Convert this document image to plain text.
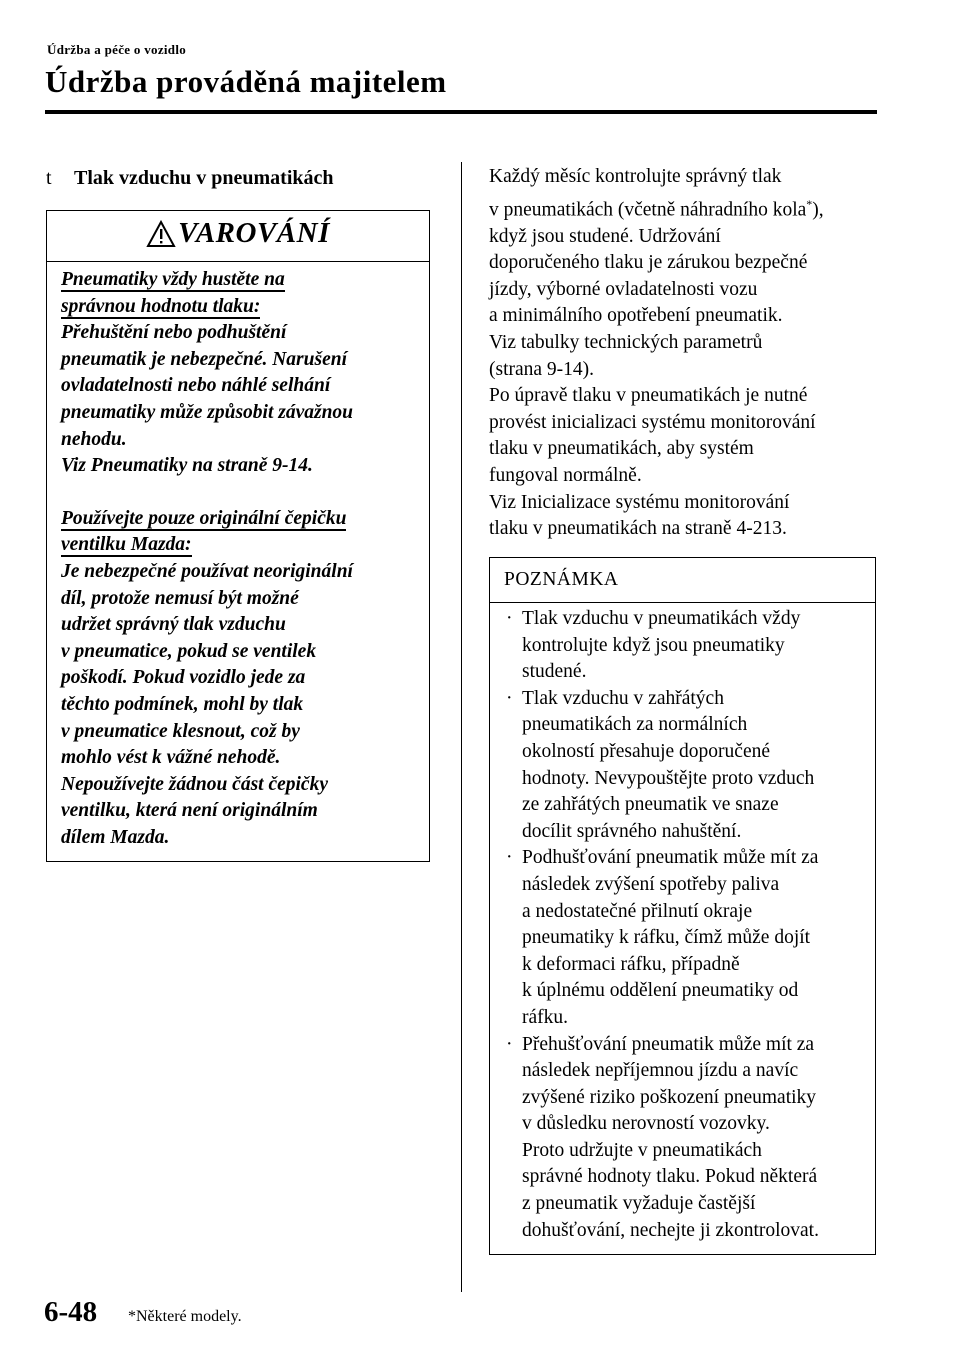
Údržba a péče o vozidlo
Údržba prováděná majitelem
t Tlak vzduchu v pneumatikách
VAROVÁNÍ
Pneumatiky vždy hustěte na
správnou hodnotu tlaku:
Přehuštění nebo podhuštění
pneumatik je nebezpečné. Narušení
ovladatelnosti nebo náhlé selhání
pneumatiky může způsobit závažnou
nehodu.
Viz Pneumatiky na straně 9-14.
Používejte pouze originální čepičku
ventilku Mazda:
Je nebezpečné používat neoriginální
díl, protože nemusí být možné
udržet správný tlak vzduchu
v pneumatice, pokud se ventilek
poškodí. Pokud vozidlo jede za
těchto podmínek, mohl by tlak
v pneumatice klesnout, což by
mohlo vést k vážné nehodě.
Nepoužívejte žádnou část čepičky
ventilku, která není originálním
dílem Mazda.
Každý měsíc kontrolujte správný tlak
v pneumatikách (včetně náhradního kola*),
když jsou studené. Udržování
doporučeného tlaku je zárukou bezpečné
jízdy, výborné ovladatelnosti vozu
a minimálního opotřebení pneumatik.
Viz tabulky technických parametrů
(strana 9-14).
Po úpravě tlaku v pneumatikách je nutné
provést inicializaci systému monitorování
tlaku v pneumatikách, aby systém
fungoval normálně.
Viz Inicializace systému monitorování
tlaku v pneumatikách na straně 4-213.
POZNÁMKA
· Tlak vzduchu v pneumatikách vždy
kontrolujte když jsou pneumatiky
studené.
· Tlak vzduchu v zahřátých
pneumatikách za normálních
okolností přesahuje doporučené
hodnoty. Nevypouštějte proto vzduch
ze zahřátých pneumatik ve snaze
docílit správného nahuštění.
· Podhušťování pneumatik může mít za
následek zvýšení spotřeby paliva
a nedostatečné přilnutí okraje
pneumatiky k ráfku, čímž může dojít
k deformaci ráfku, případně
k úplnému oddělení pneumatiky od
ráfku.
· Přehušťování pneumatik může mít za
následek nepříjemnou jízdu a navíc
zvýšené riziko poškození pneumatiky
v důsledku nerovností vozovky.
Proto udržujte v pneumatikách
správné hodnoty tlaku. Pokud některá
z pneumatik vyžaduje častější
dohušťování, nechejte ji zkontrolovat.
6-48 *Některé modely.
